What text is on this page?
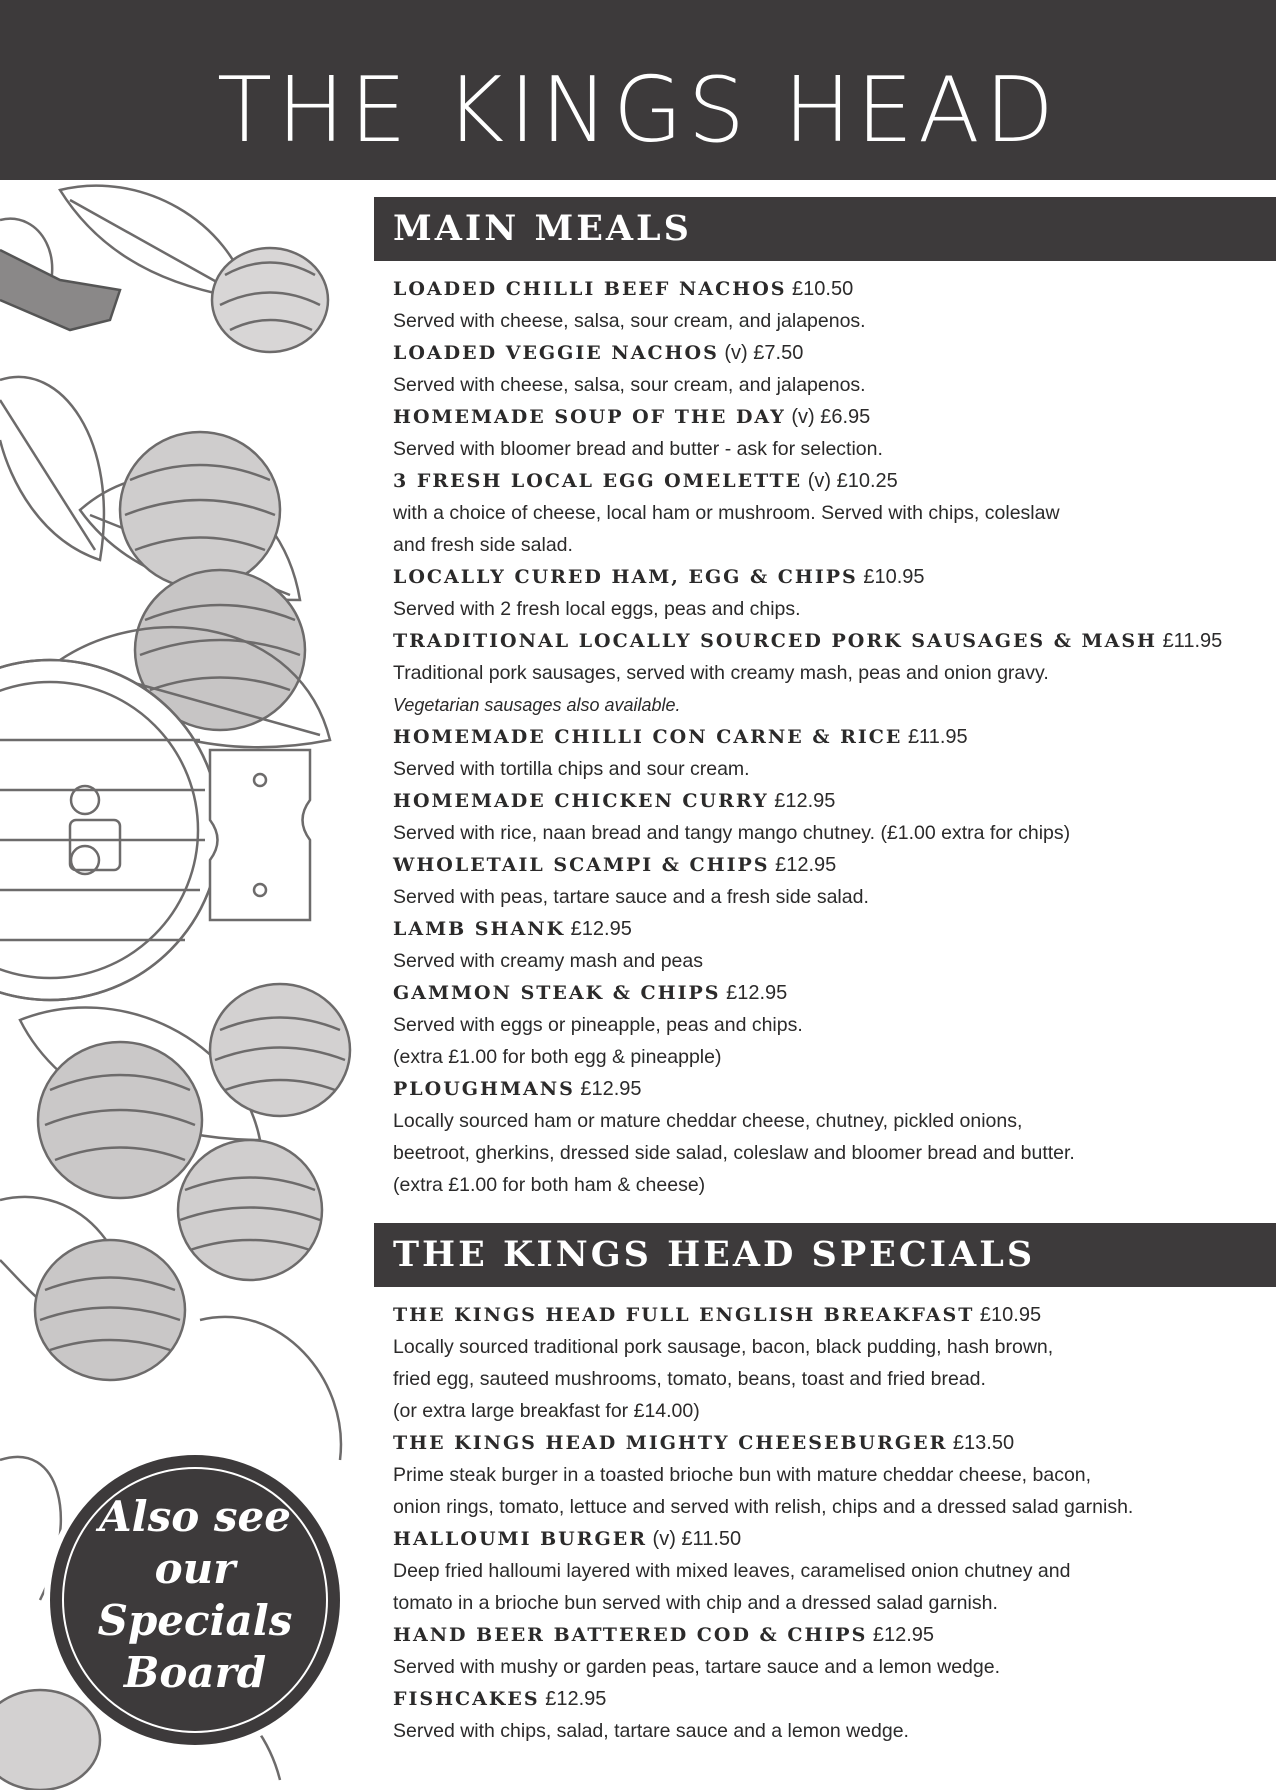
THE KINGS HEAD
Also see
our
Specials
Board
MAIN MEALS
LOADED CHILLI BEEF NACHOS £10.50
Served with cheese, salsa, sour cream, and jalapenos.
LOADED VEGGIE NACHOS (v) £7.50
Served with cheese, salsa, sour cream, and jalapenos.
HOMEMADE SOUP OF THE DAY (v) £6.95
Served with bloomer bread and butter - ask for selection.
3 FRESH LOCAL EGG OMELETTE (v) £10.25
with a choice of cheese, local ham or mushroom. Served with chips, coleslaw
and fresh side salad.
LOCALLY CURED HAM, EGG & CHIPS £10.95
Served with 2 fresh local eggs, peas and chips.
TRADITIONAL LOCALLY SOURCED PORK SAUSAGES & MASH £11.95
Traditional pork sausages, served with creamy mash, peas and onion gravy.
Vegetarian sausages also available.
HOMEMADE CHILLI CON CARNE & RICE £11.95
Served with tortilla chips and sour cream.
HOMEMADE CHICKEN CURRY £12.95
Served with rice, naan bread and tangy mango chutney. (£1.00 extra for chips)
WHOLETAIL SCAMPI & CHIPS £12.95
Served with peas, tartare sauce and a fresh side salad.
LAMB SHANK £12.95
Served with creamy mash and peas
GAMMON STEAK & CHIPS £12.95
Served with eggs or pineapple, peas and chips.
(extra £1.00 for both egg & pineapple)
PLOUGHMANS £12.95
Locally sourced ham or mature cheddar cheese, chutney, pickled onions,
beetroot, gherkins, dressed side salad, coleslaw and bloomer bread and butter.
(extra £1.00 for both ham & cheese)
THE KINGS HEAD SPECIALS
THE KINGS HEAD FULL ENGLISH BREAKFAST £10.95
Locally sourced traditional pork sausage, bacon, black pudding, hash brown,
fried egg, sauteed mushrooms, tomato, beans, toast and fried bread.
(or extra large breakfast for £14.00)
THE KINGS HEAD MIGHTY CHEESEBURGER £13.50
Prime steak burger in a toasted brioche bun with mature cheddar cheese, bacon,
onion rings, tomato, lettuce and served with relish, chips and a dressed salad garnish.
HALLOUMI BURGER (v) £11.50
Deep fried halloumi layered with mixed leaves, caramelised onion chutney and
tomato in a brioche bun served with chip and a dressed salad garnish.
HAND BEER BATTERED COD & CHIPS £12.95
Served with mushy or garden peas, tartare sauce and a lemon wedge.
FISHCAKES £12.95
Served with chips, salad, tartare sauce and a lemon wedge.
